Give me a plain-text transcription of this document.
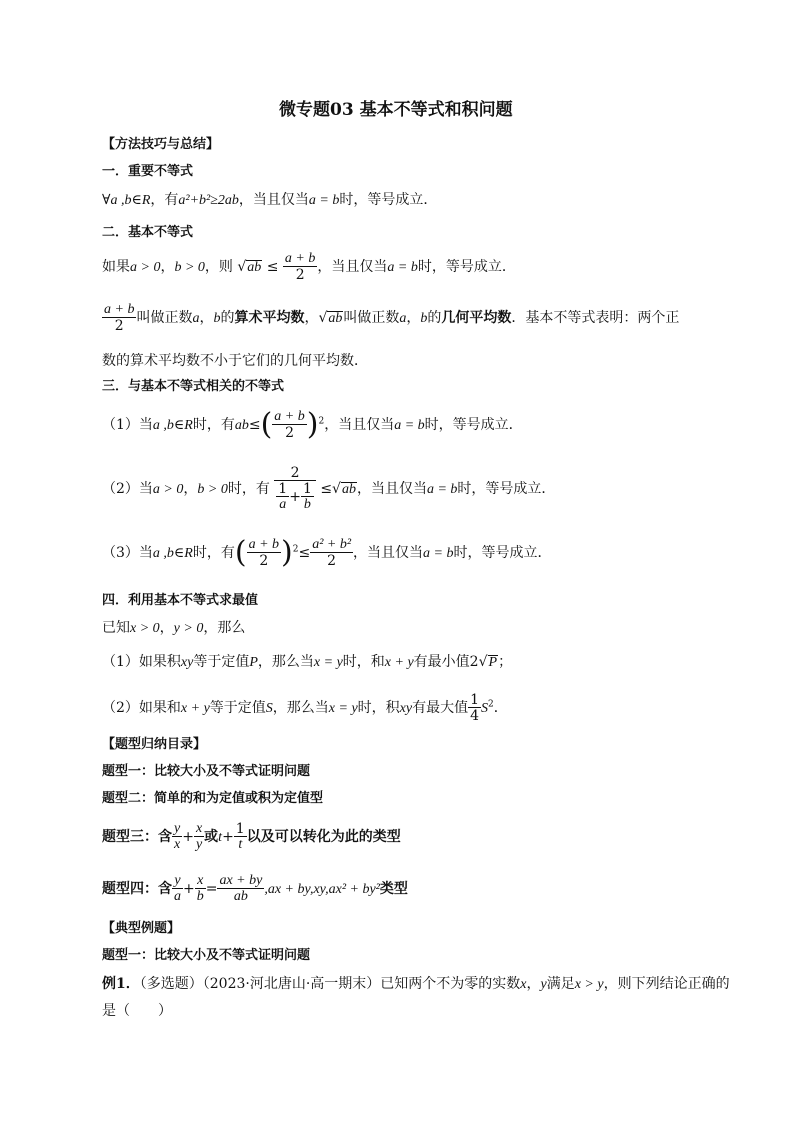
微专题03 基本不等式和积问题
【方法技巧与总结】
一．重要不等式
∀a ,b∈R，有a²+b²≥2ab，当且仅当a = b时，等号成立．
二．基本不等式
如果a > 0，b > 0，则 $√ab \le \frac{a + b}{2}$ ，当且仅当a = b时，等号成立．
$\frac{a + b}{2}$ 叫做正数a，b的算术平均数，√ab叫做正数a，b的几何平均数．基本不等式表明：两个正
数的算术平均数不小于它们的几何平均数．
三．与基本不等式相关的不等式
（1）当a ,b∈R时，有$ab\le( \frac{a + b}{2} )^2$，当且仅当a = b时，等号成立．
（2）当a > 0，b > 0时，有 $\frac{2}{\frac{1}{a} + \frac{1}{b}} \le√ab$，当且仅当a = b时，等号成立．
（3）当a ,b∈R时，有( $\frac{a + b}{2} )^2\le \frac{\text{a² + b²}}{2}$ ，当且仅当a = b时，等号成立．
四．利用基本不等式求最值
已知x > 0，y > 0，那么
（1）如果积xy等于定值P，那么当x = y时，和x + y有最小值2√P；
（2）如果和x + y等于定值S，那么当x = y时，积xy有最大值 $\frac{1}{4} S^2$．
【题型归纳目录】
题型一：比较大小及不等式证明问题
题型二：简单的和为定值或积为定值型
题型三：含 $\frac{y}{x} + \frac{x}{y}$ 或$t+ \frac{1}{t}$ 以及可以转化为此的类型
题型四：含 $\frac{y}{a} + \frac{x}{b} = \frac{ax + by}{ab} ,ax + by,xy,ax^2 + by^2$类型
【典型例题】
题型一：比较大小及不等式证明问题
例1．（多选题）（2023·河北唐山·高一期末）已知两个不为零的实数x，y满足x > y，则下列结论正确的
是（　　）
